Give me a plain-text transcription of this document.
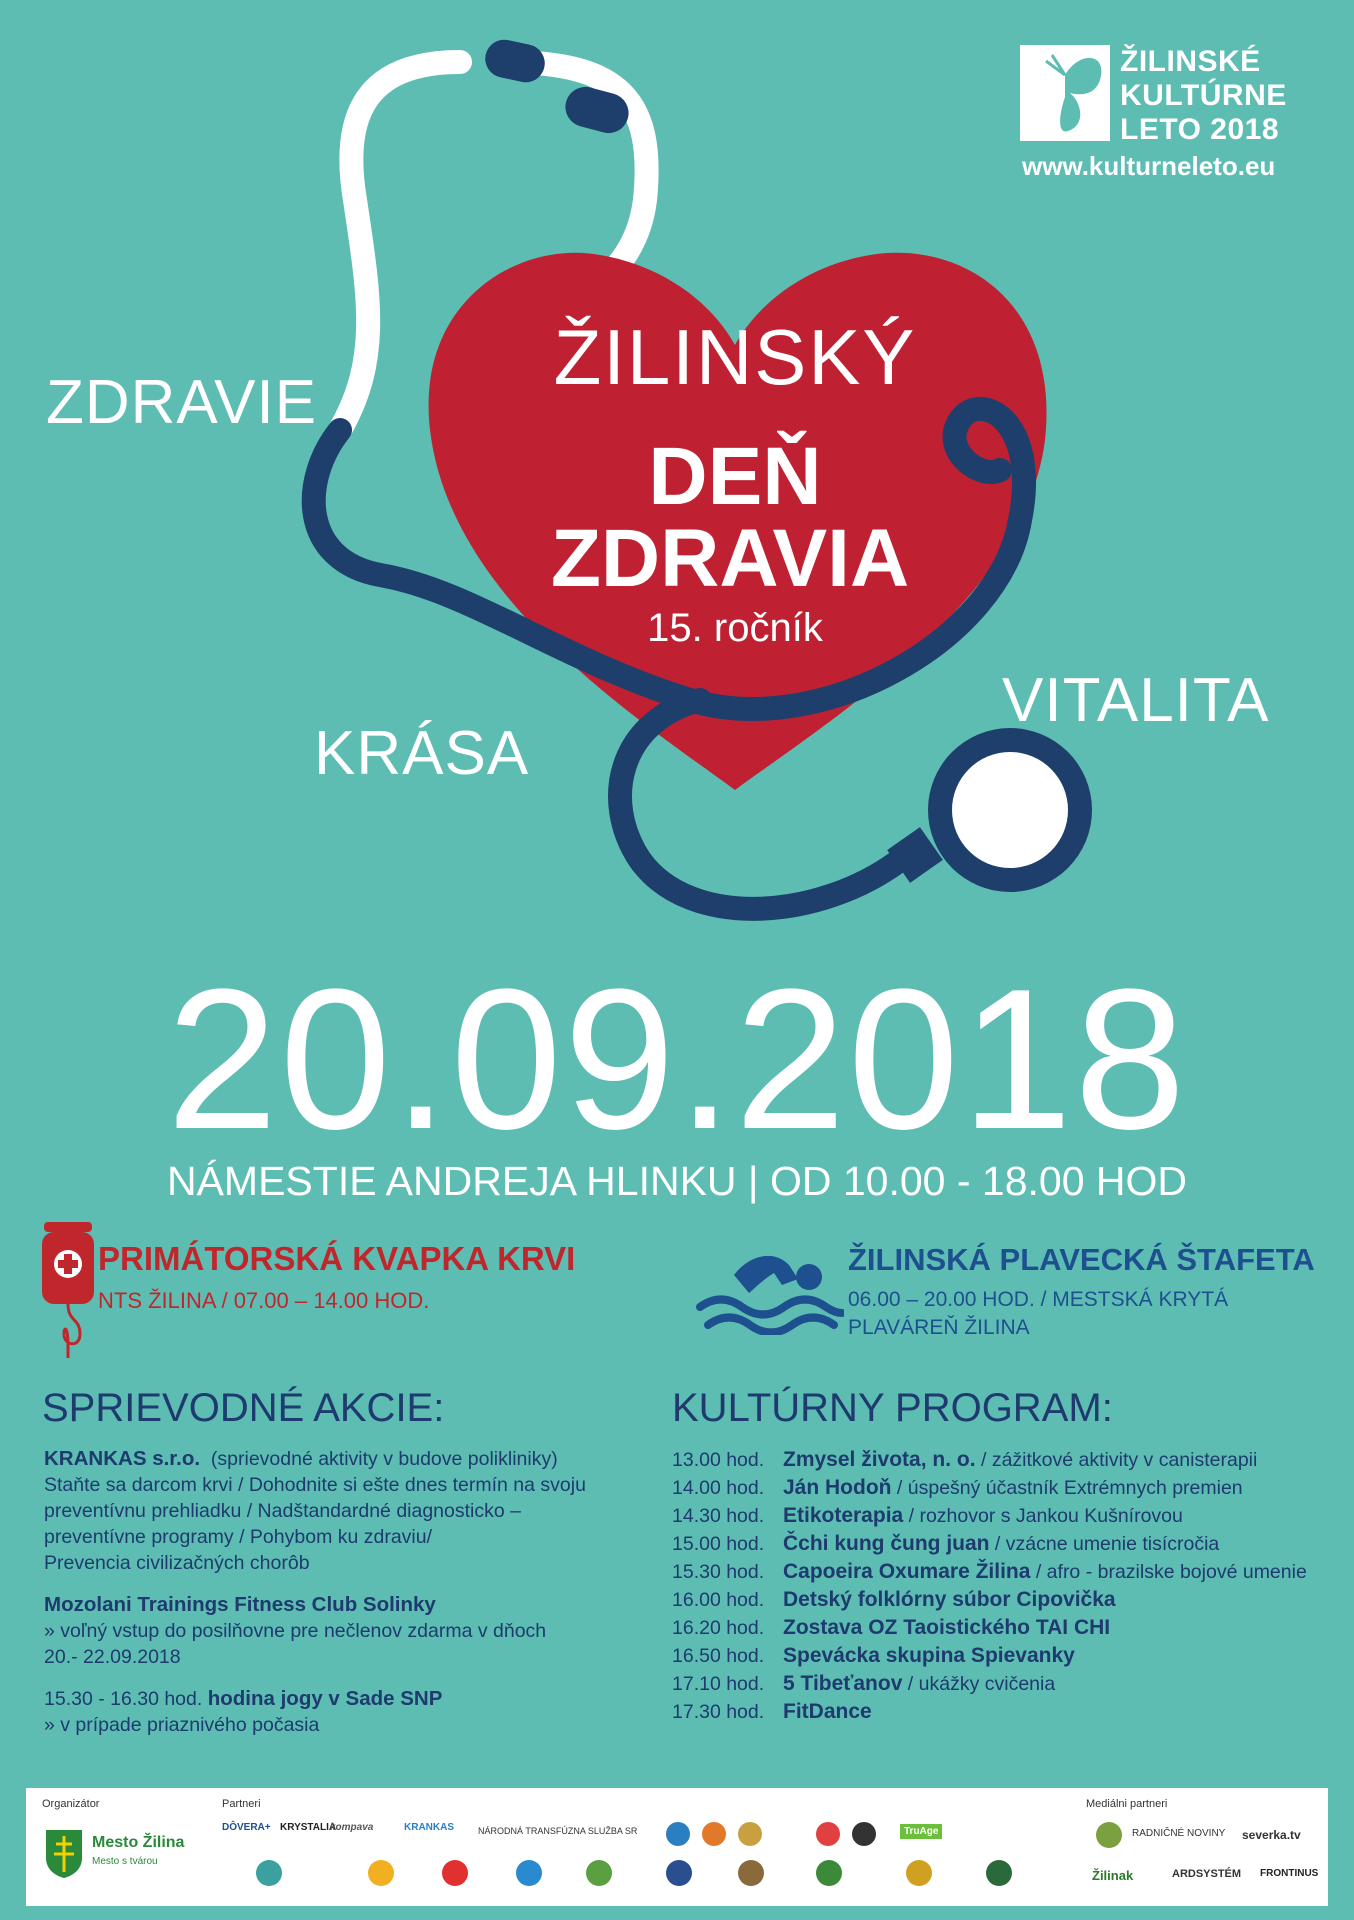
ŽILINSKÉ
KULTÚRNE
LETO 2018
www.kulturneleto.eu
ZDRAVIE
KRÁSA
VITALITA
ŽILINSKÝ
DEŇ
ZDRAVIA
15. ročník
20.09.2018
NÁMESTIE ANDREJA HLINKU | OD 10.00 - 18.00 HOD
PRIMÁTORSKÁ KVAPKA KRVI
NTS ŽILINA / 07.00 – 14.00 HOD.
ŽILINSKÁ PLAVECKÁ ŠTAFETA
06.00 – 20.00 HOD. / MESTSKÁ KRYTÁ PLAVÁREŇ ŽILINA
SPRIEVODNÉ AKCIE:
KRANKAS s.r.o. (sprievodné aktivity v budove polikliniky)
Staňte sa darcom krvi / Dohodnite si ešte dnes termín na svoju
preventívnu prehliadku / Nadštandardné diagnosticko –
preventívne programy / Pohybom ku zdraviu/
Prevencia civilizačných chorôb
Mozolani Trainings Fitness Club Solinky
» voľný vstup do posilňovne pre nečlenov zdarma v dňoch
20.- 22.09.2018
15.30 - 16.30 hod. hodina jogy v Sade SNP
» v prípade priaznivého počasia
KULTÚRNY PROGRAM:
13.00 hod. Zmysel života, n. o. / zážitkové aktivity v canisterapii
14.00 hod. Ján Hodoň / úspešný účastník Extrémnych premien
14.30 hod. Etikoterapia / rozhovor s Jankou Kušnírovou
15.00 hod. Čchi kung čung juan / vzácne umenie tisícročia
15.30 hod. Capoeira Oxumare Žilina / afro - brazilske bojové umenie
16.00 hod. Detský folklórny súbor Cipovička
16.20 hod. Zostava OZ Taoistického TAI CHI
16.50 hod. Spevácka skupina Spievanky
17.10 hod. 5 Tibeťanov / ukážky cvičenia
17.30 hod. FitDance
Organizátor	Partneri	Mediálni partneri
Mesto Žilina
Mesto s tvárou
DÔVERA+ KRYSTALIA
kompava	KRANKAS	NÁRODNÁ TRANSFÚZNA SLUŽBA SR	TruAge	RADNIČNÉ NOVINY severka.tv
Žilinak	ARDSYSTÉM FRONTINUS
